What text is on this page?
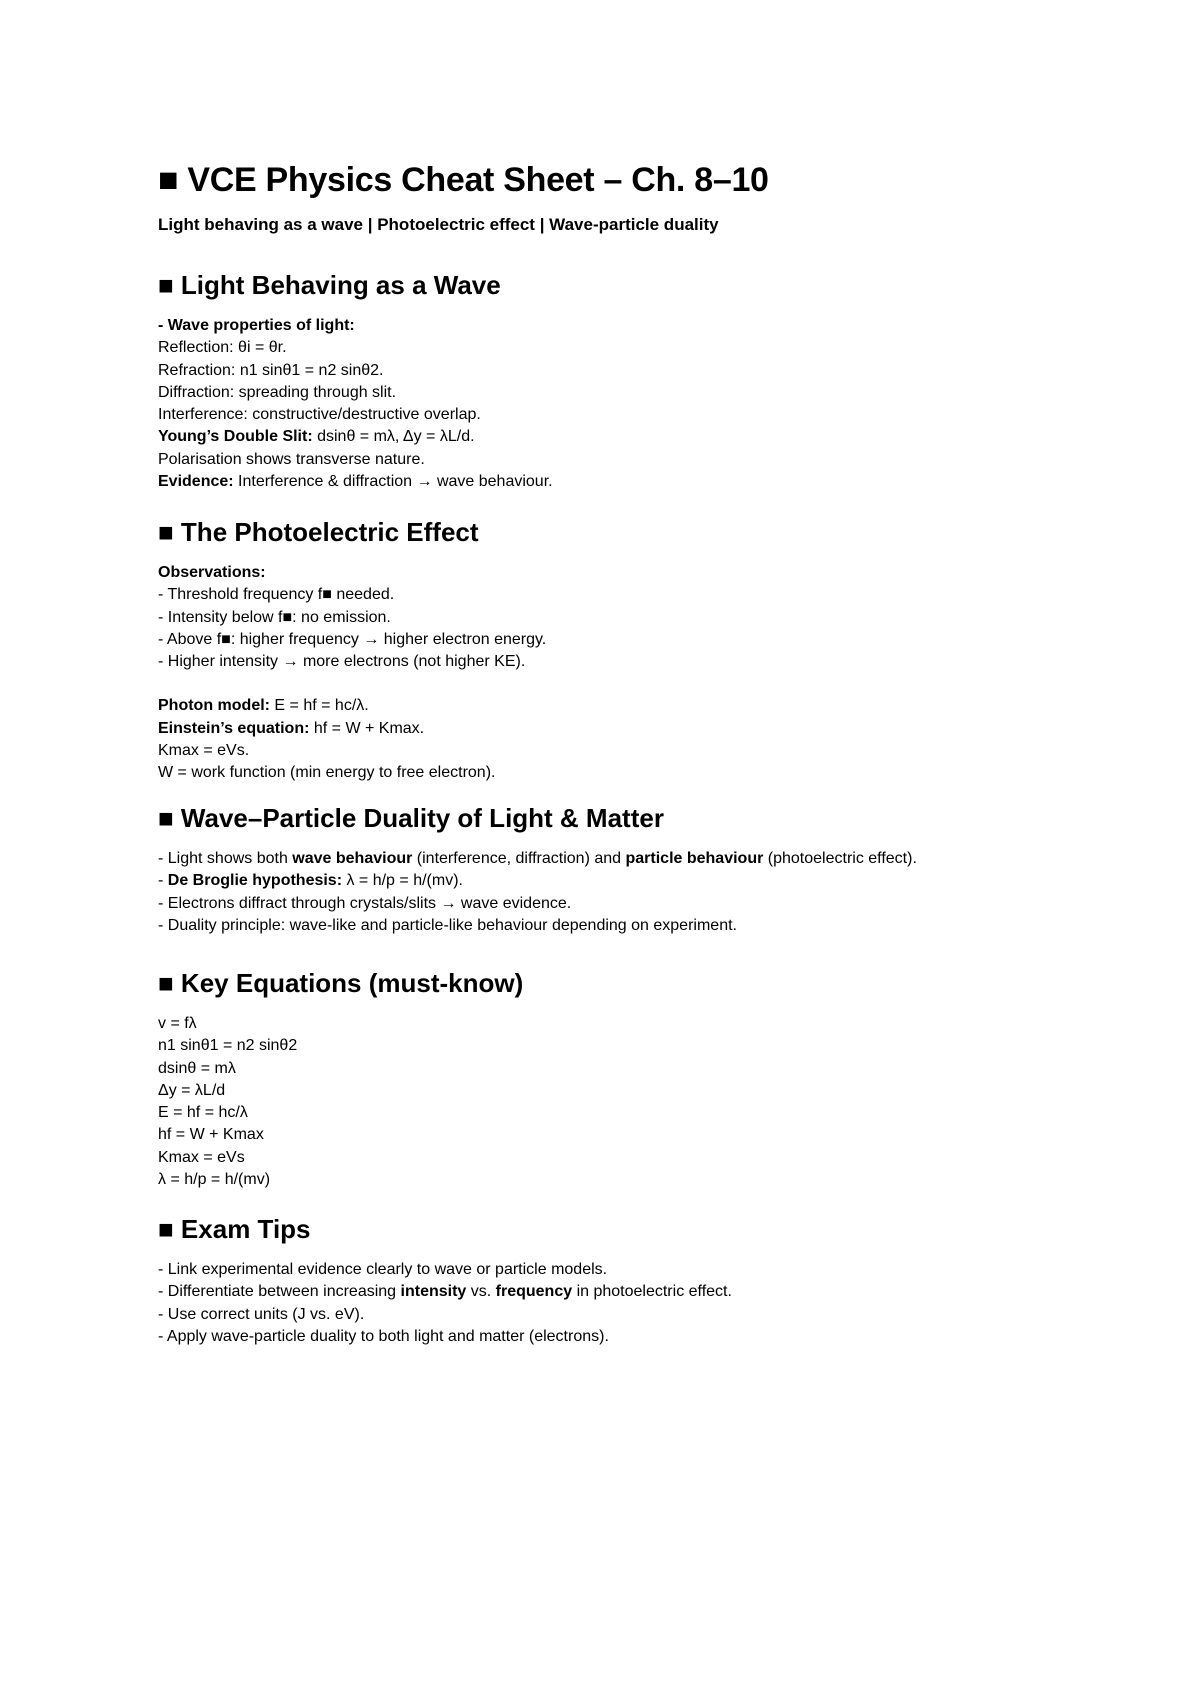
■ VCE Physics Cheat Sheet – Ch. 8–10
Light behaving as a wave | Photoelectric effect | Wave-particle duality
■ Light Behaving as a Wave
- Wave properties of light:
Reflection: θi = θr.
Refraction: n1 sinθ1 = n2 sinθ2.
Diffraction: spreading through slit.
Interference: constructive/destructive overlap.
Young’s Double Slit: dsinθ = mλ, Δy = λL/d.
Polarisation shows transverse nature.
Evidence: Interference & diffraction → wave behaviour.
■ The Photoelectric Effect
Observations:
- Threshold frequency f■ needed.
- Intensity below f■: no emission.
- Above f■: higher frequency → higher electron energy.
- Higher intensity → more electrons (not higher KE).
Photon model: E = hf = hc/λ.
Einstein’s equation: hf = W + Kmax.
Kmax = eVs.
W = work function (min energy to free electron).
■ Wave–Particle Duality of Light & Matter
- Light shows both wave behaviour (interference, diffraction) and particle behaviour (photoelectric effect).
- De Broglie hypothesis: λ = h/p = h/(mv).
- Electrons diffract through crystals/slits → wave evidence.
- Duality principle: wave-like and particle-like behaviour depending on experiment.
■ Key Equations (must-know)
v = fλ
n1 sinθ1 = n2 sinθ2
dsinθ = mλ
Δy = λL/d
E = hf = hc/λ
hf = W + Kmax
Kmax = eVs
λ = h/p = h/(mv)
■ Exam Tips
- Link experimental evidence clearly to wave or particle models.
- Differentiate between increasing intensity vs. frequency in photoelectric effect.
- Use correct units (J vs. eV).
- Apply wave-particle duality to both light and matter (electrons).
